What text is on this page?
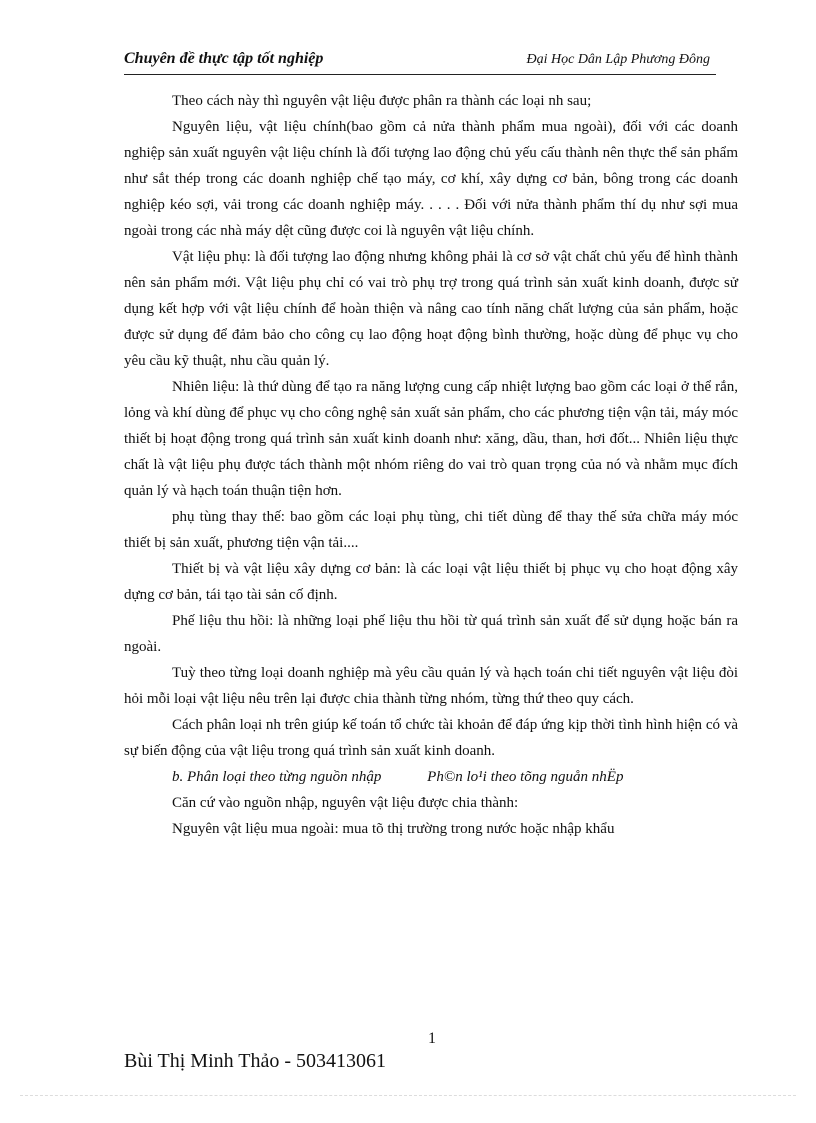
Chuyên đề thực tập tốt nghiệp	Đại Học Dân Lập Phương Đông

Theo cách này thì nguyên vật liệu được phân ra thành các loại nh sau;

Nguyên liệu, vật liệu chính(bao gồm cả nửa thành phẩm mua ngoài), đối với các doanh nghiệp sản xuất nguyên vật liệu chính là đối tượng lao động chủ yếu cấu thành nên thực thể sản phẩm như sắt thép trong các doanh nghiệp chế tạo máy, cơ khí, xây dựng cơ bản, bông trong các doanh nghiệp kéo sợi, vải trong các doanh nghiệp máy. . . . . Đối với nửa thành phẩm thí dụ như sợi mua ngoài trong các nhà máy dệt cũng được coi là nguyên vật liệu chính.

Vật liệu phụ: là đối tượng lao động nhưng không phải là cơ sở vật chất chủ yếu để hình thành nên sản phẩm mới. Vật liệu phụ chỉ có vai trò phụ trợ trong quá trình sản xuất kinh doanh, được sử dụng kết hợp với vật liệu chính để hoàn thiện và nâng cao tính năng chất lượng của sản phẩm, hoặc được sử dụng để đảm bảo cho công cụ lao động hoạt động bình thường, hoặc dùng để phục vụ cho yêu cầu kỹ thuật, nhu cầu quản lý.

Nhiên liệu: là thứ dùng để tạo ra năng lượng cung cấp nhiệt lượng bao gồm các loại ở thể rắn, lỏng và khí dùng để phục vụ cho công nghệ sản xuất sản phẩm, cho các phương tiện vận tải, máy móc thiết bị hoạt động trong quá trình sản xuất kinh doanh như: xăng, dầu, than, hơi đốt... Nhiên liệu thực chất là vật liệu phụ được tách thành một nhóm riêng do vai trò quan trọng của nó và nhằm mục đích quản lý và hạch toán thuận tiện hơn.

phụ tùng thay thế: bao gồm các loại phụ tùng, chi tiết dùng để thay thế sửa chữa máy móc thiết bị sản xuất, phương tiện vận tải....

Thiết bị và vật liệu xây dựng cơ bản: là các loại vật liệu thiết bị phục vụ cho hoạt động xây dựng cơ bản, tái tạo tài sản cố định.

Phế liệu thu hồi: là những loại phế liệu thu hồi từ quá trình sản xuất để sử dụng hoặc bán ra ngoài.

Tuỳ theo từng loại doanh nghiệp mà yêu cầu quản lý và hạch toán chi tiết nguyên vật liệu đòi hỏi mỗi loại vật liệu nêu trên lại được chia thành từng nhóm, từng thứ theo quy cách.

Cách phân loại nh trên giúp kế toán tổ chức tài khoản để đáp ứng kịp thời tình hình hiện có và sự biến động của vật liệu trong quá trình sản xuất kinh doanh.

b. Phân loại theo từng nguồn nhập	Ph©n lo¹i theo tõng nguån nhËp

Căn cứ vào nguồn nhập, nguyên vật liệu được chia thành:

Nguyên vật liệu mua ngoài: mua tõ thị trường trong nước hoặc nhập khẩu

1
Bùi Thị Minh Thảo - 503413061
